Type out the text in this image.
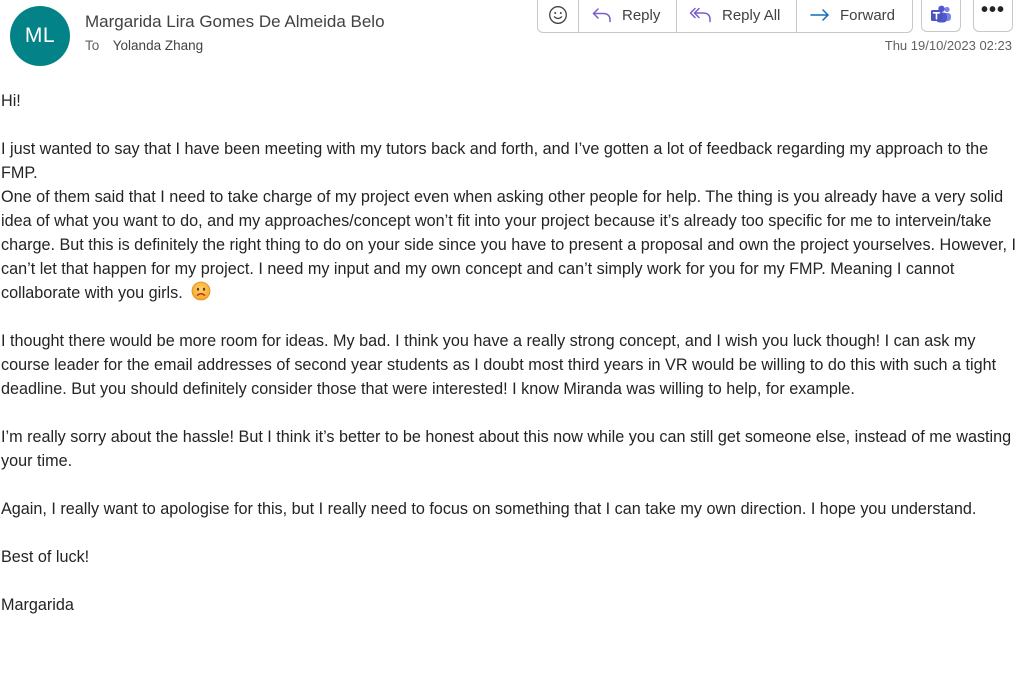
ML
Margarida Lira Gomes De Almeida Belo
To Yolanda Zhang
Reply	Reply All	Forward	•••
Thu 19/10/2023 02:23

Hi!

I just wanted to say that I have been meeting with my tutors back and forth, and I’ve gotten a lot of feedback regarding my approach to the FMP.
One of them said that I need to take charge of my project even when asking other people for help. The thing is you already have a very solid idea of what you want to do, and my approaches/concept won’t fit into your project because it’s already too specific for me to intervein/take charge. But this is definitely the right thing to do on your side since you have to present a proposal and own the project yourselves. However, I can’t let that happen for my project. I need my input and my own concept and can’t simply work for you for my FMP. Meaning I cannot collaborate with you girls.

I thought there would be more room for ideas. My bad. I think you have a really strong concept, and I wish you luck though! I can ask my course leader for the email addresses of second year students as I doubt most third years in VR would be willing to do this with such a tight deadline. But you should definitely consider those that were interested! I know Miranda was willing to help, for example.

I’m really sorry about the hassle! But I think it’s better to be honest about this now while you can still get someone else, instead of me wasting your time.

Again, I really want to apologise for this, but I really need to focus on something that I can take my own direction. I hope you understand.

Best of luck!

Margarida
